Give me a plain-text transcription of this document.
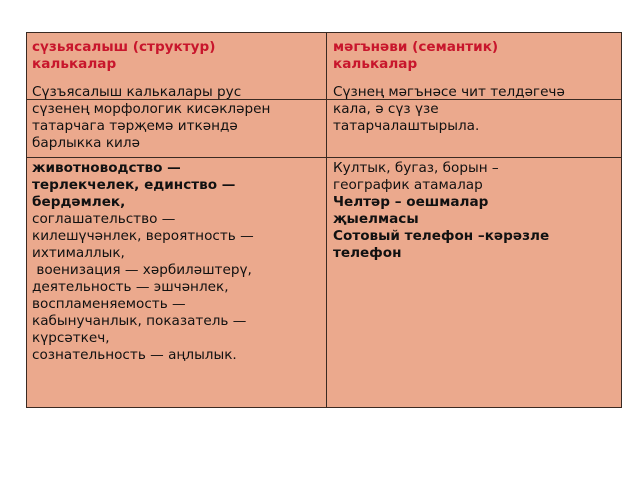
сүзьясалыш (структур)
калькалар
мәгънәви (семантик)
калькалар
Сүзъясалыш калькалары рус
сүзенең морфологик кисәкләрен
татарчага тәрҗемә иткәндә
барлыкка килә
Сүзнең мәгънәсе чит телдәгечә
кала, ә сүз үзе
татарчалаштырыла.
животноводство —
терлекчелек, единство —
бердәмлек,
соглашательство —
килешүчәнлек, вероятность —
ихтималлык,
военизация — хәрбиләштерү,
деятельность — эшчәнлек,
воспламеняемость —
кабынучанлык, показатель —
күрсәткеч,
сознательность — аңлылык.
Култык, бугаз, борын –
географик атамалар
Челтәр – оешмалар
җыелмасы
Сотовый телефон –кәрәзле
телефон
